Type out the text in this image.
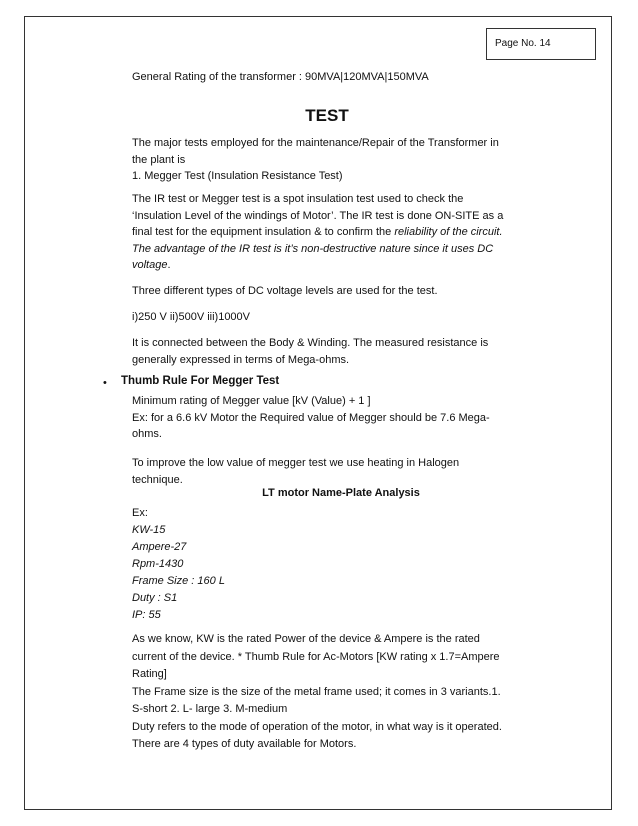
Page No. 14

General Rating of the transformer : 90MVA|120MVA|150MVA

TEST

The major tests employed for the maintenance/Repair of the Transformer in

the plant is

1. Megger Test (Insulation Resistance Test)

The IR test or Megger test is a spot insulation test used to check the

‘Insulation Level of the windings of Motor’. The IR test is done ON-SITE as a

final test for the equipment insulation & to confirm the reliability of the circuit.

The advantage of the IR test is it’s non-destructive nature since it uses DC

voltage.

Three different types of DC voltage levels are used for the test.

i)250 V ii)500V iii)1000V

It is connected between the Body & Winding. The measured resistance is

generally expressed in terms of Mega-ohms.

• Thumb Rule For Megger Test

Minimum rating of Megger value [kV (Value) + 1 ]

Ex: for a 6.6 kV Motor the Required value of Megger should be 7.6 Mega-

ohms.

To improve the low value of megger test we use heating in Halogen

technique.

LT motor Name-Plate Analysis

Ex:

KW-15

Ampere-27

Rpm-1430

Frame Size : 160 L

Duty : S1

IP: 55

As we know, KW is the rated Power of the device & Ampere is the rated

current of the device. * Thumb Rule for Ac-Motors [KW rating x 1.7=Ampere

Rating]

The Frame size is the size of the metal frame used; it comes in 3 variants.1.

S-short 2. L- large 3. M-medium

Duty refers to the mode of operation of the motor, in what way is it operated.

There are 4 types of duty available for Motors.
